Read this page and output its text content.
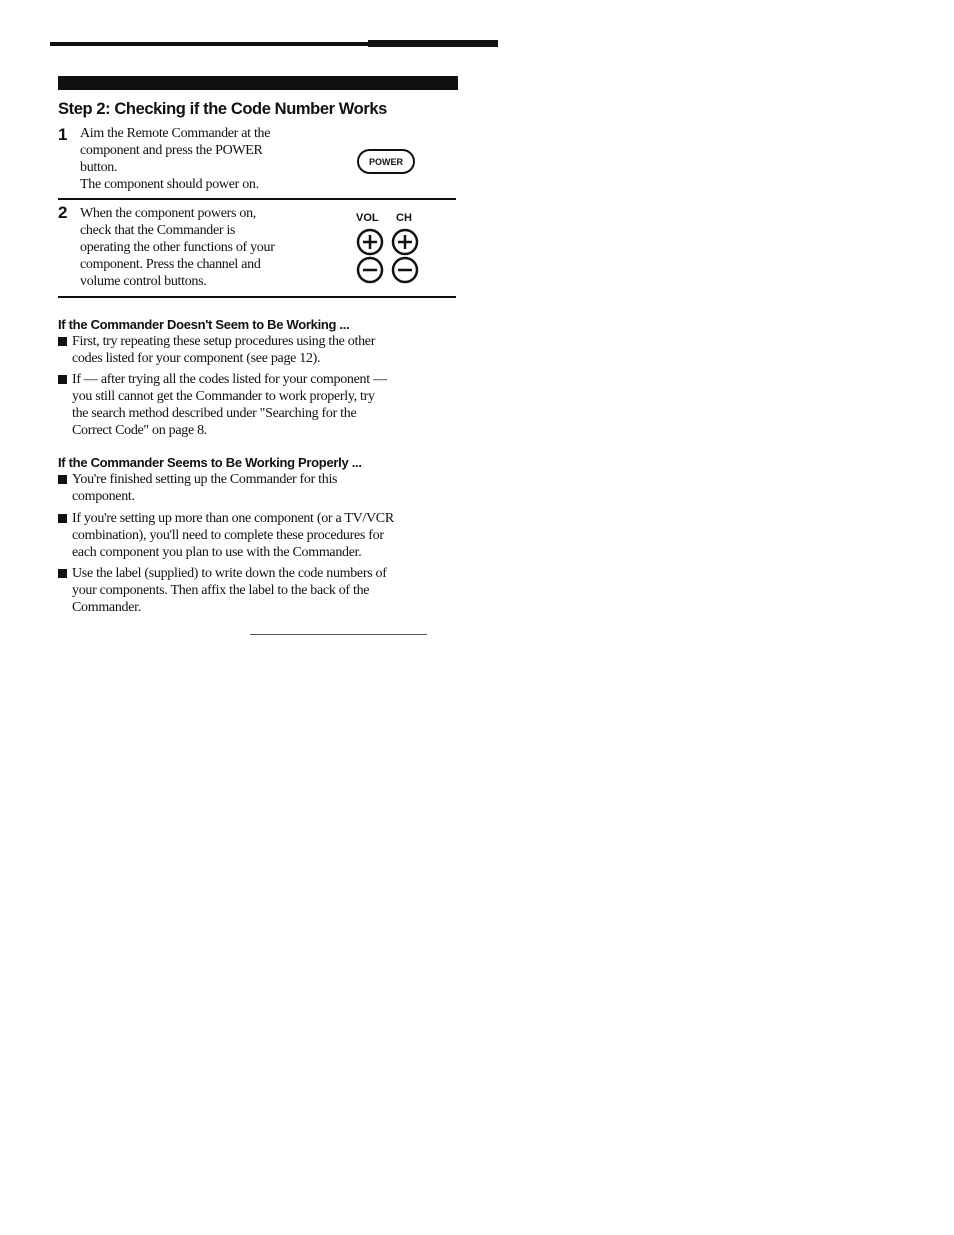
Step 2: Checking if the Code Number Works
1 Aim the Remote Commander at the
component and press the POWER
button.
The component should power on.
POWER
2 When the component powers on,
check that the Commander is
operating the other functions of your
component. Press the channel and
volume control buttons.
VOL CH
If the Commander Doesn't Seem to Be Working ...
First, try repeating these setup procedures using the other
codes listed for your component (see page 12).
If — after trying all the codes listed for your component —
you still cannot get the Commander to work properly, try
the search method described under "Searching for the
Correct Code" on page 8.
If the Commander Seems to Be Working Properly ...
You're finished setting up the Commander for this
component.
If you're setting up more than one component (or a TV/VCR
combination), you'll need to complete these procedures for
each component you plan to use with the Commander.
Use the label (supplied) to write down the code numbers of
your components. Then affix the label to the back of the
Commander.
